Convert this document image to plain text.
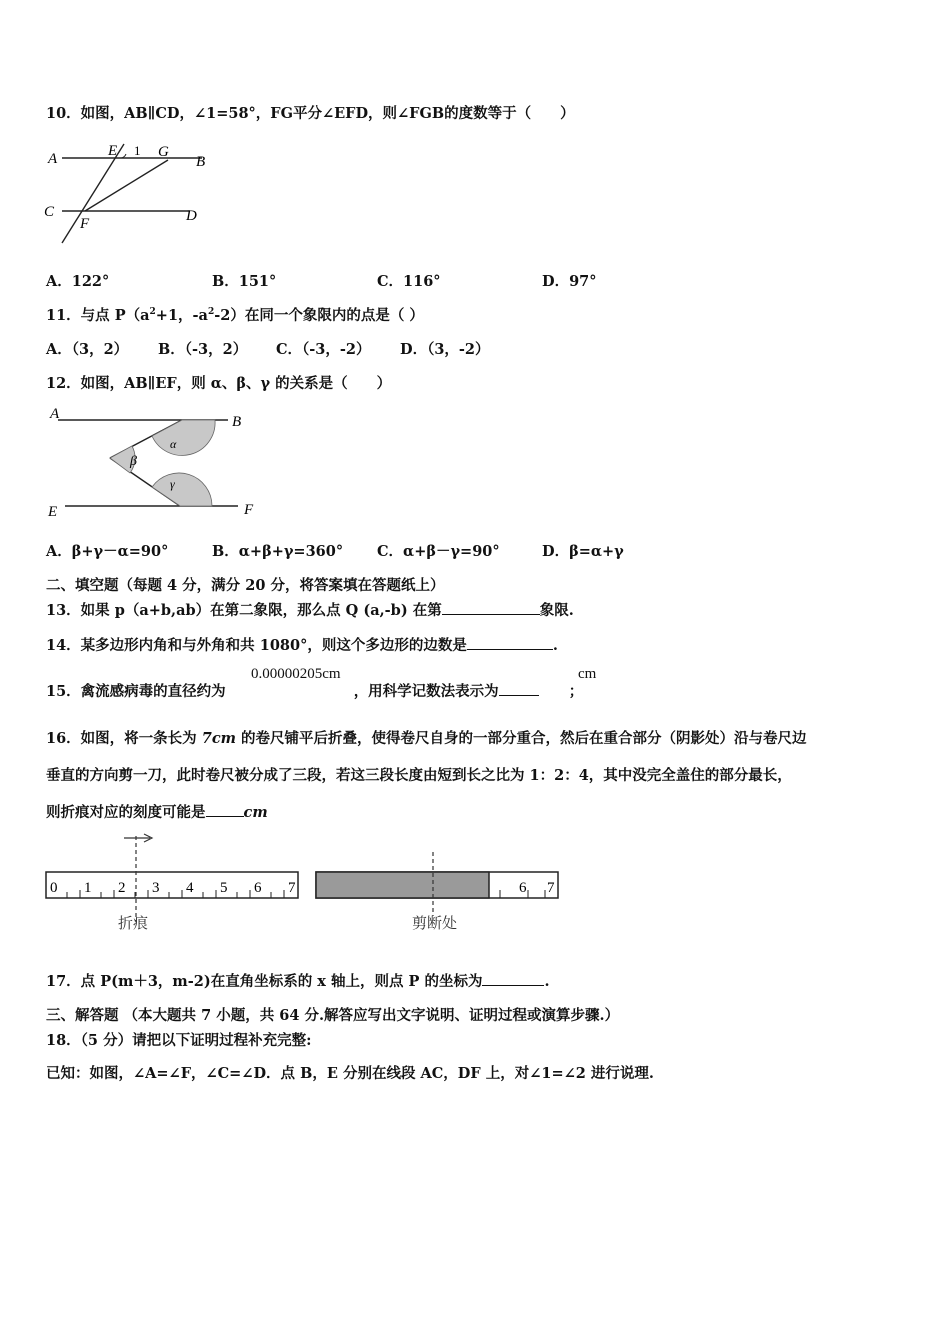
10．如图，AB∥CD，∠1=58°，FG平分∠EFD，则∠FGB的度数等于（　　）
A	E 1 G
B
C
F	D
A．122°	B．151°	C．116°	D．97°
11．与点 $P(a^2+1$，$-a^2-2$）在同一个象限内的点是（ ）
A．（3，2） B．（-3，2） C．（-3，-2） D．（3，-2）
12．如图，AB∥EF，则 α、β、γ 的关系是（　　）
A	B
α
β
γ
E	F
A．β+γ－α=90°	B．α+β+γ=360° C．α+β－γ=90°	D．β=α+γ
二、填空题（每题 4 分，满分 20 分，将答案填在答题纸上）
13．如果 p（a+b,ab）在第二象限，那么点 Q (a,-b) 在第	象限.
14．某多边形内角和与外角和共 1080°，则这个多边形的边数是	.
15．禽流感病毒的直径约为	，用科学记数法表示为	；
0.00000205cm	cm
16．如图，将一条长为 7cm 的卷尺铺平后折叠，使得卷尺自身的一部分重合，然后在重合部分（阴影处）沿与卷尺边
垂直的方向剪一刀，此时卷尺被分成了三段，若这三段长度由短到长之比为 1：2：4，其中没完全盖住的部分最长，
则折痕对应的刻度可能是	cm
0 1 2 3 4 5 6 7
折痕
6 7
剪断处
17．点 P(m＋3，m-2)在直角坐标系的 x 轴上，则点 P 的坐标为	.
三、解答题 （本大题共 7 小题，共 64 分.解答应写出文字说明、证明过程或演算步骤.）
18．（5 分）请把以下证明过程补充完整:
已知：如图，∠A=∠F，∠C=∠D．点 B，E 分别在线段 AC，DF 上，对∠1=∠2 进行说理.
